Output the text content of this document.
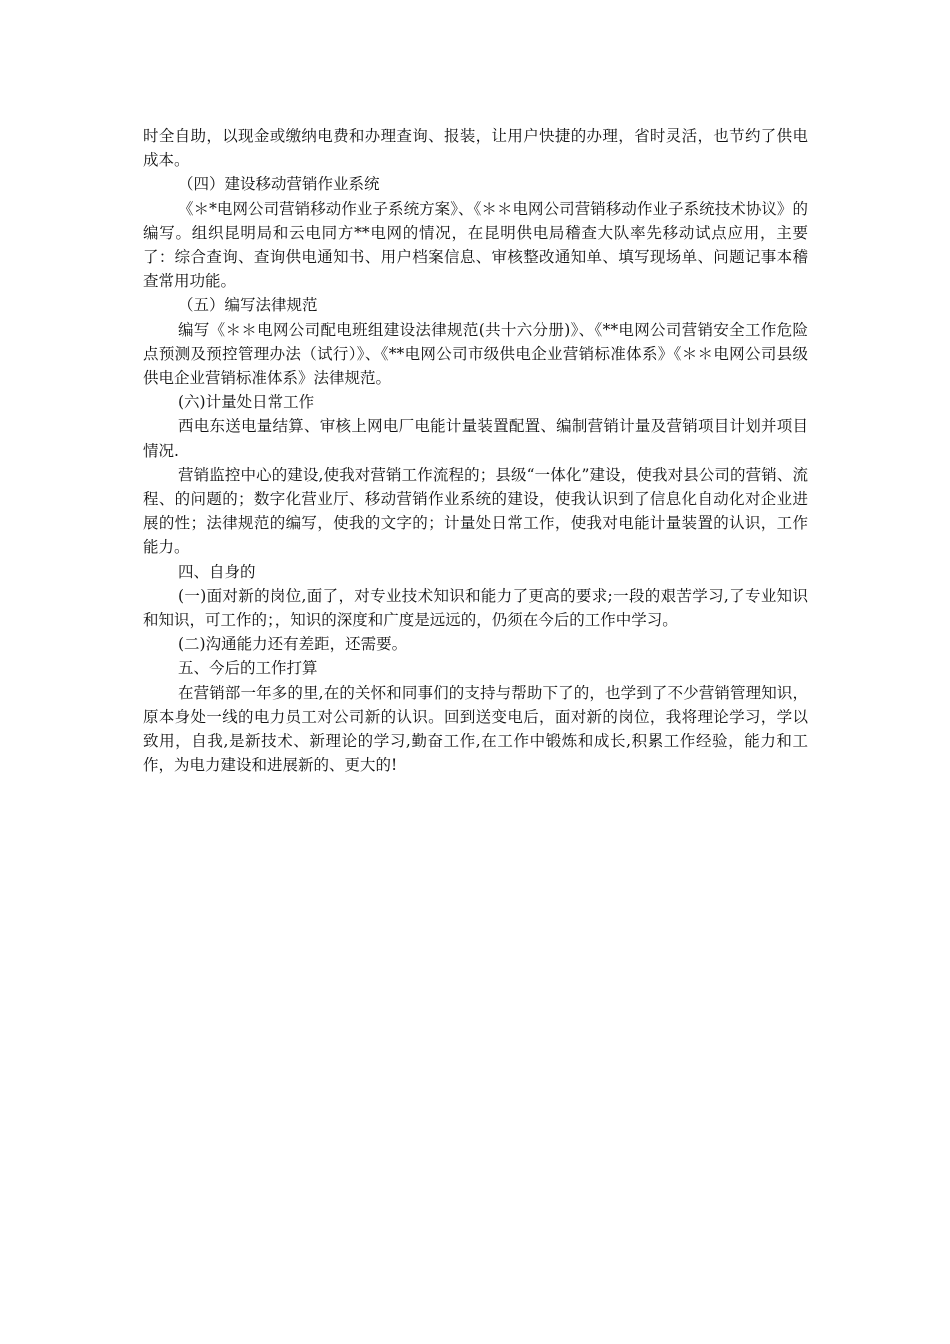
时全自助，以现金或缴纳电费和办理查询、报装，让用户快捷的办理，省时灵活，也节约了供电成本。

（四）建设移动营销作业系统

《＊*电网公司营销移动作业子系统方案》、《＊＊电网公司营销移动作业子系统技术协议》的编写。组织昆明局和云电同方**电网的情况，在昆明供电局稽查大队率先移动试点应用，主要了：综合查询、查询供电通知书、用户档案信息、审核整改通知单、填写现场单、问题记事本稽查常用功能。

（五）编写法律规范

编写《＊＊电网公司配电班组建设法律规范(共十六分册)》、《**电网公司营销安全工作危险点预测及预控管理办法（试行）》、《**电网公司市级供电企业营销标准体系》《＊＊电网公司县级供电企业营销标准体系》法律规范。

(六)计量处日常工作

西电东送电量结算、审核上网电厂电能计量装置配置、编制营销计量及营销项目计划并项目情况.

营销监控中心的建设,使我对营销工作流程的；县级“一体化”建设，使我对县公司的营销、流程、的问题的；数字化营业厅、移动营销作业系统的建设，使我认识到了信息化自动化对企业进展的性；法律规范的编写，使我的文字的；计量处日常工作，使我对电能计量装置的认识，工作能力。

四、自身的

(一)面对新的岗位,面了，对专业技术知识和能力了更高的要求;一段的艰苦学习,了专业知识和知识，可工作的；，知识的深度和广度是远远的，仍须在今后的工作中学习。

(二)沟通能力还有差距，还需要。

五、今后的工作打算

在营销部一年多的里,在的关怀和同事们的支持与帮助下了的，也学到了不少营销管理知识，原本身处一线的电力员工对公司新的认识。回到送变电后，面对新的岗位，我将理论学习，学以致用，自我,是新技术、新理论的学习,勤奋工作,在工作中锻炼和成长,积累工作经验，能力和工作，为电力建设和进展新的、更大的!
